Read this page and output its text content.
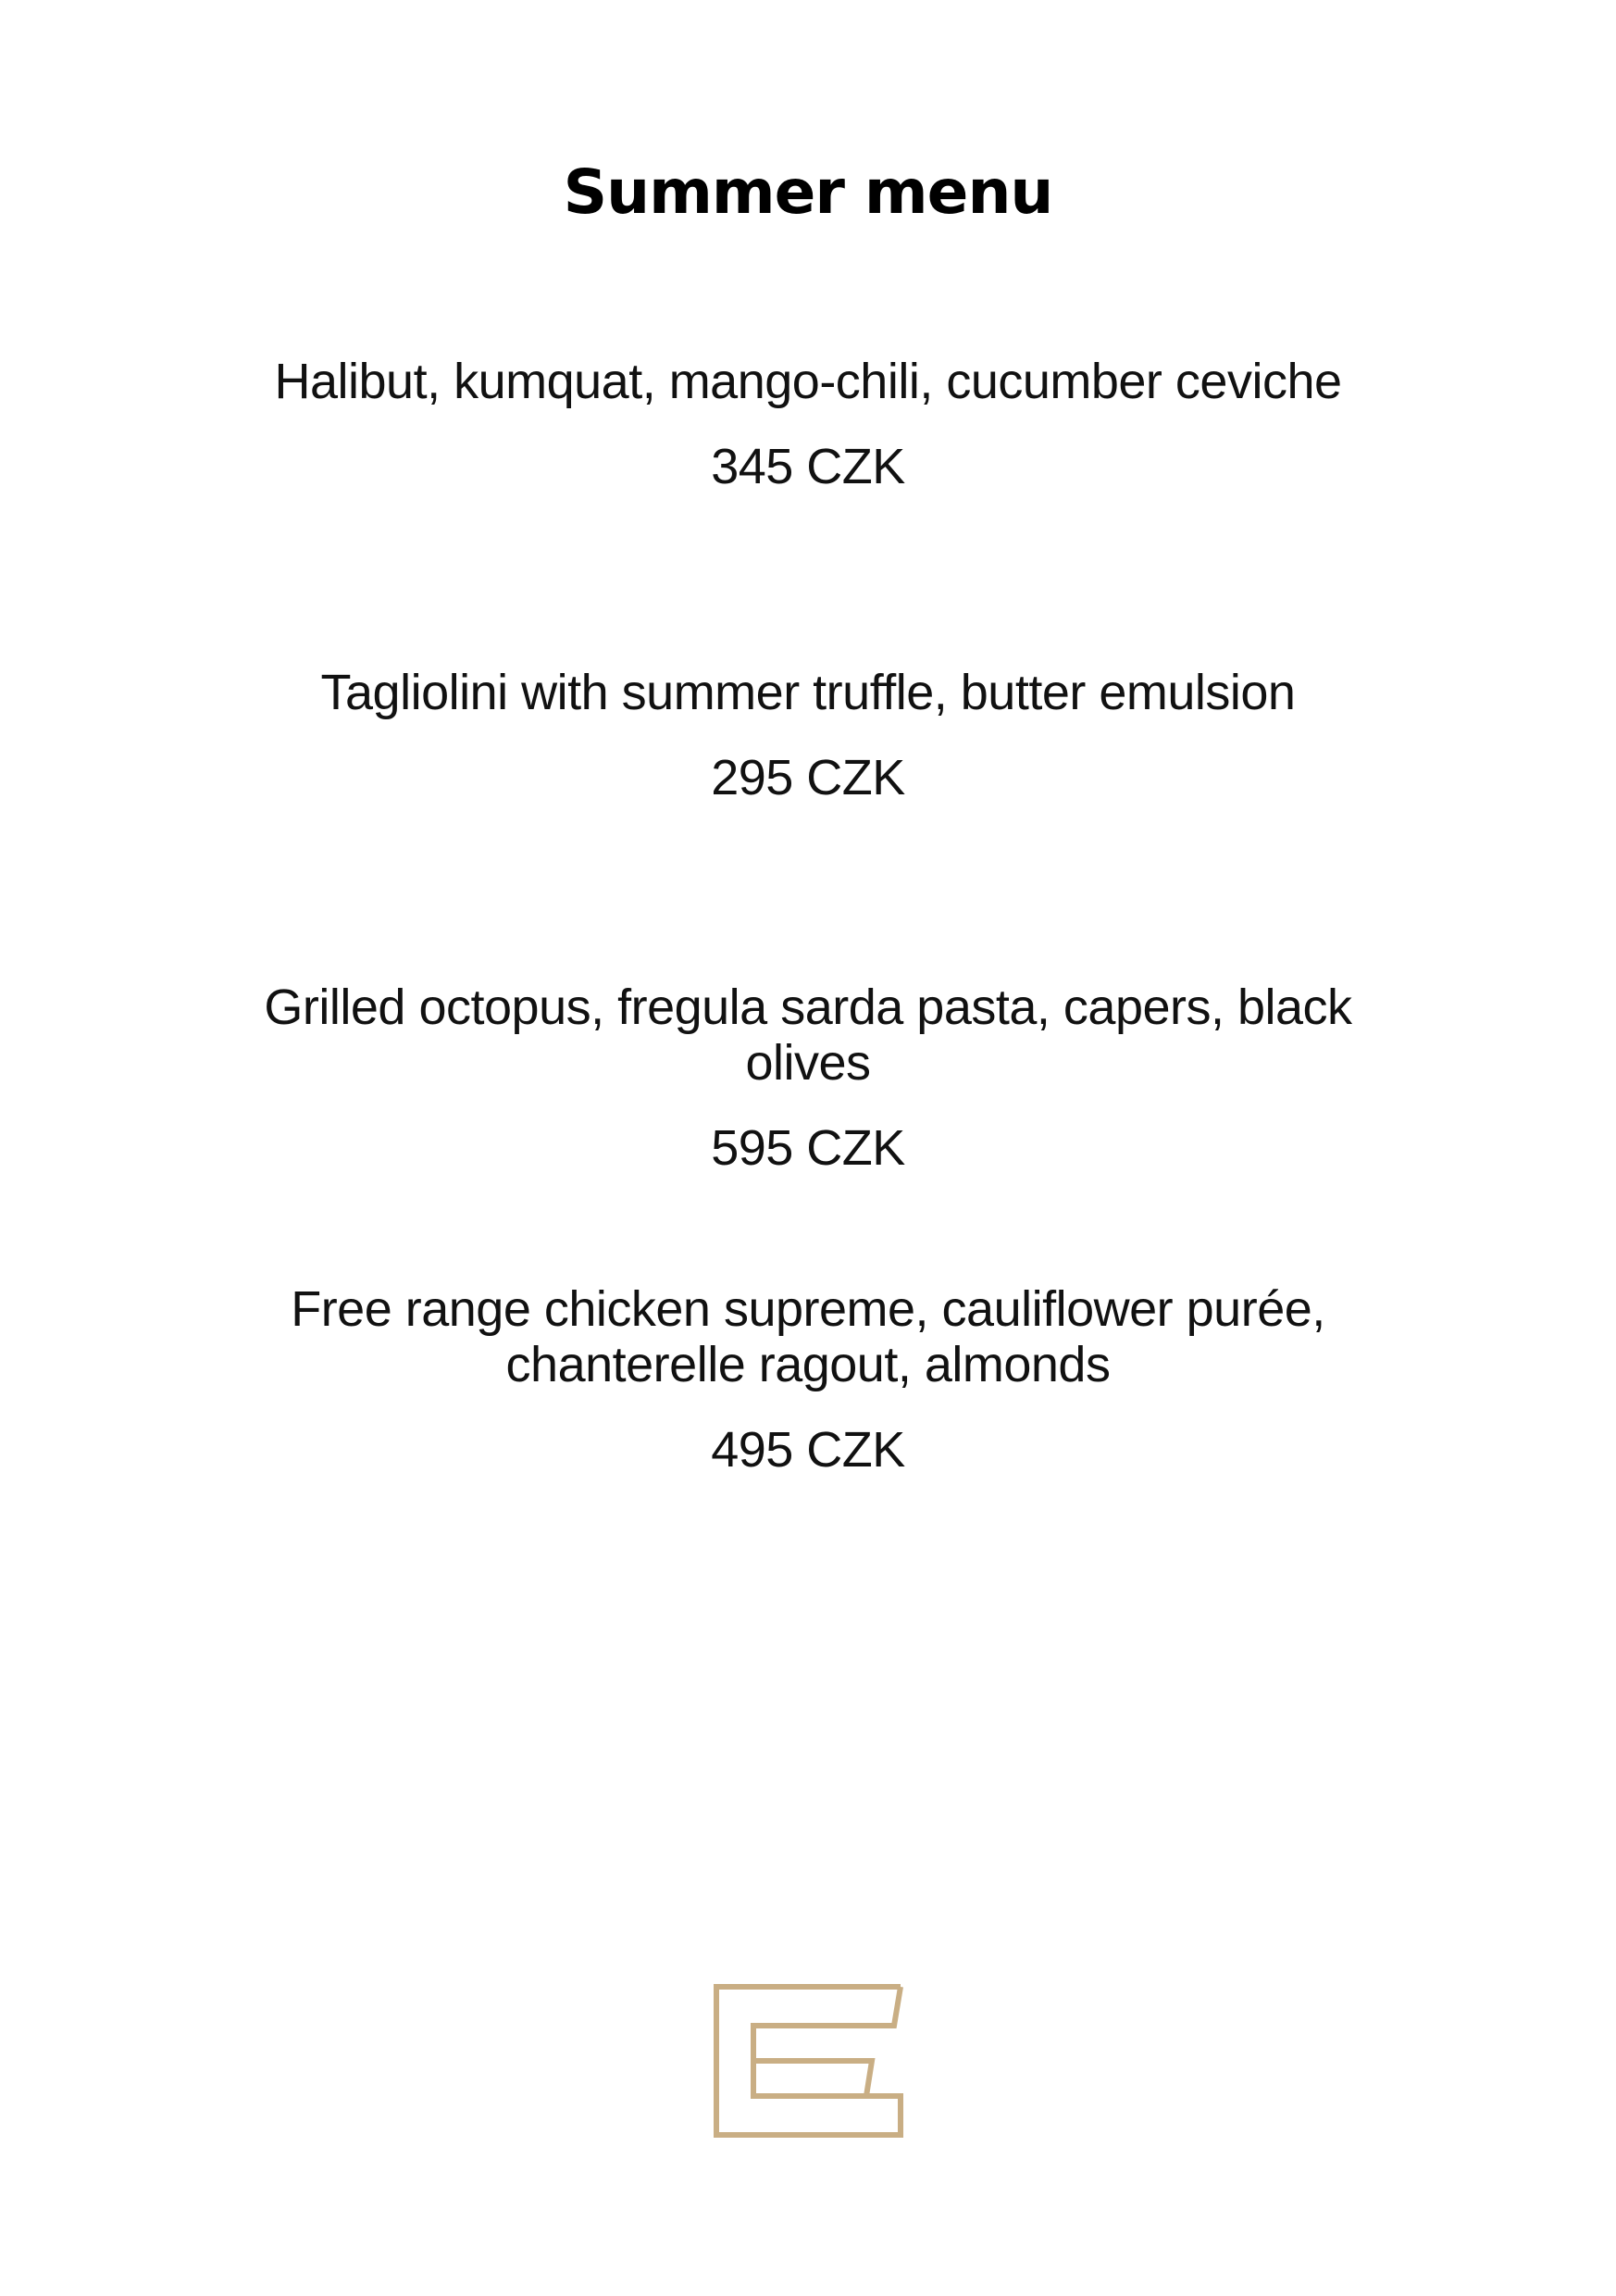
Summer menu
Halibut, kumquat, mango-chili, cucumber ceviche
345 CZK
Tagliolini with summer truffle, butter emulsion
295 CZK
Grilled octopus, fregula sarda pasta, capers, black olives
595 CZK
Free range chicken supreme, cauliflower purée, chanterelle ragout, almonds
495 CZK
